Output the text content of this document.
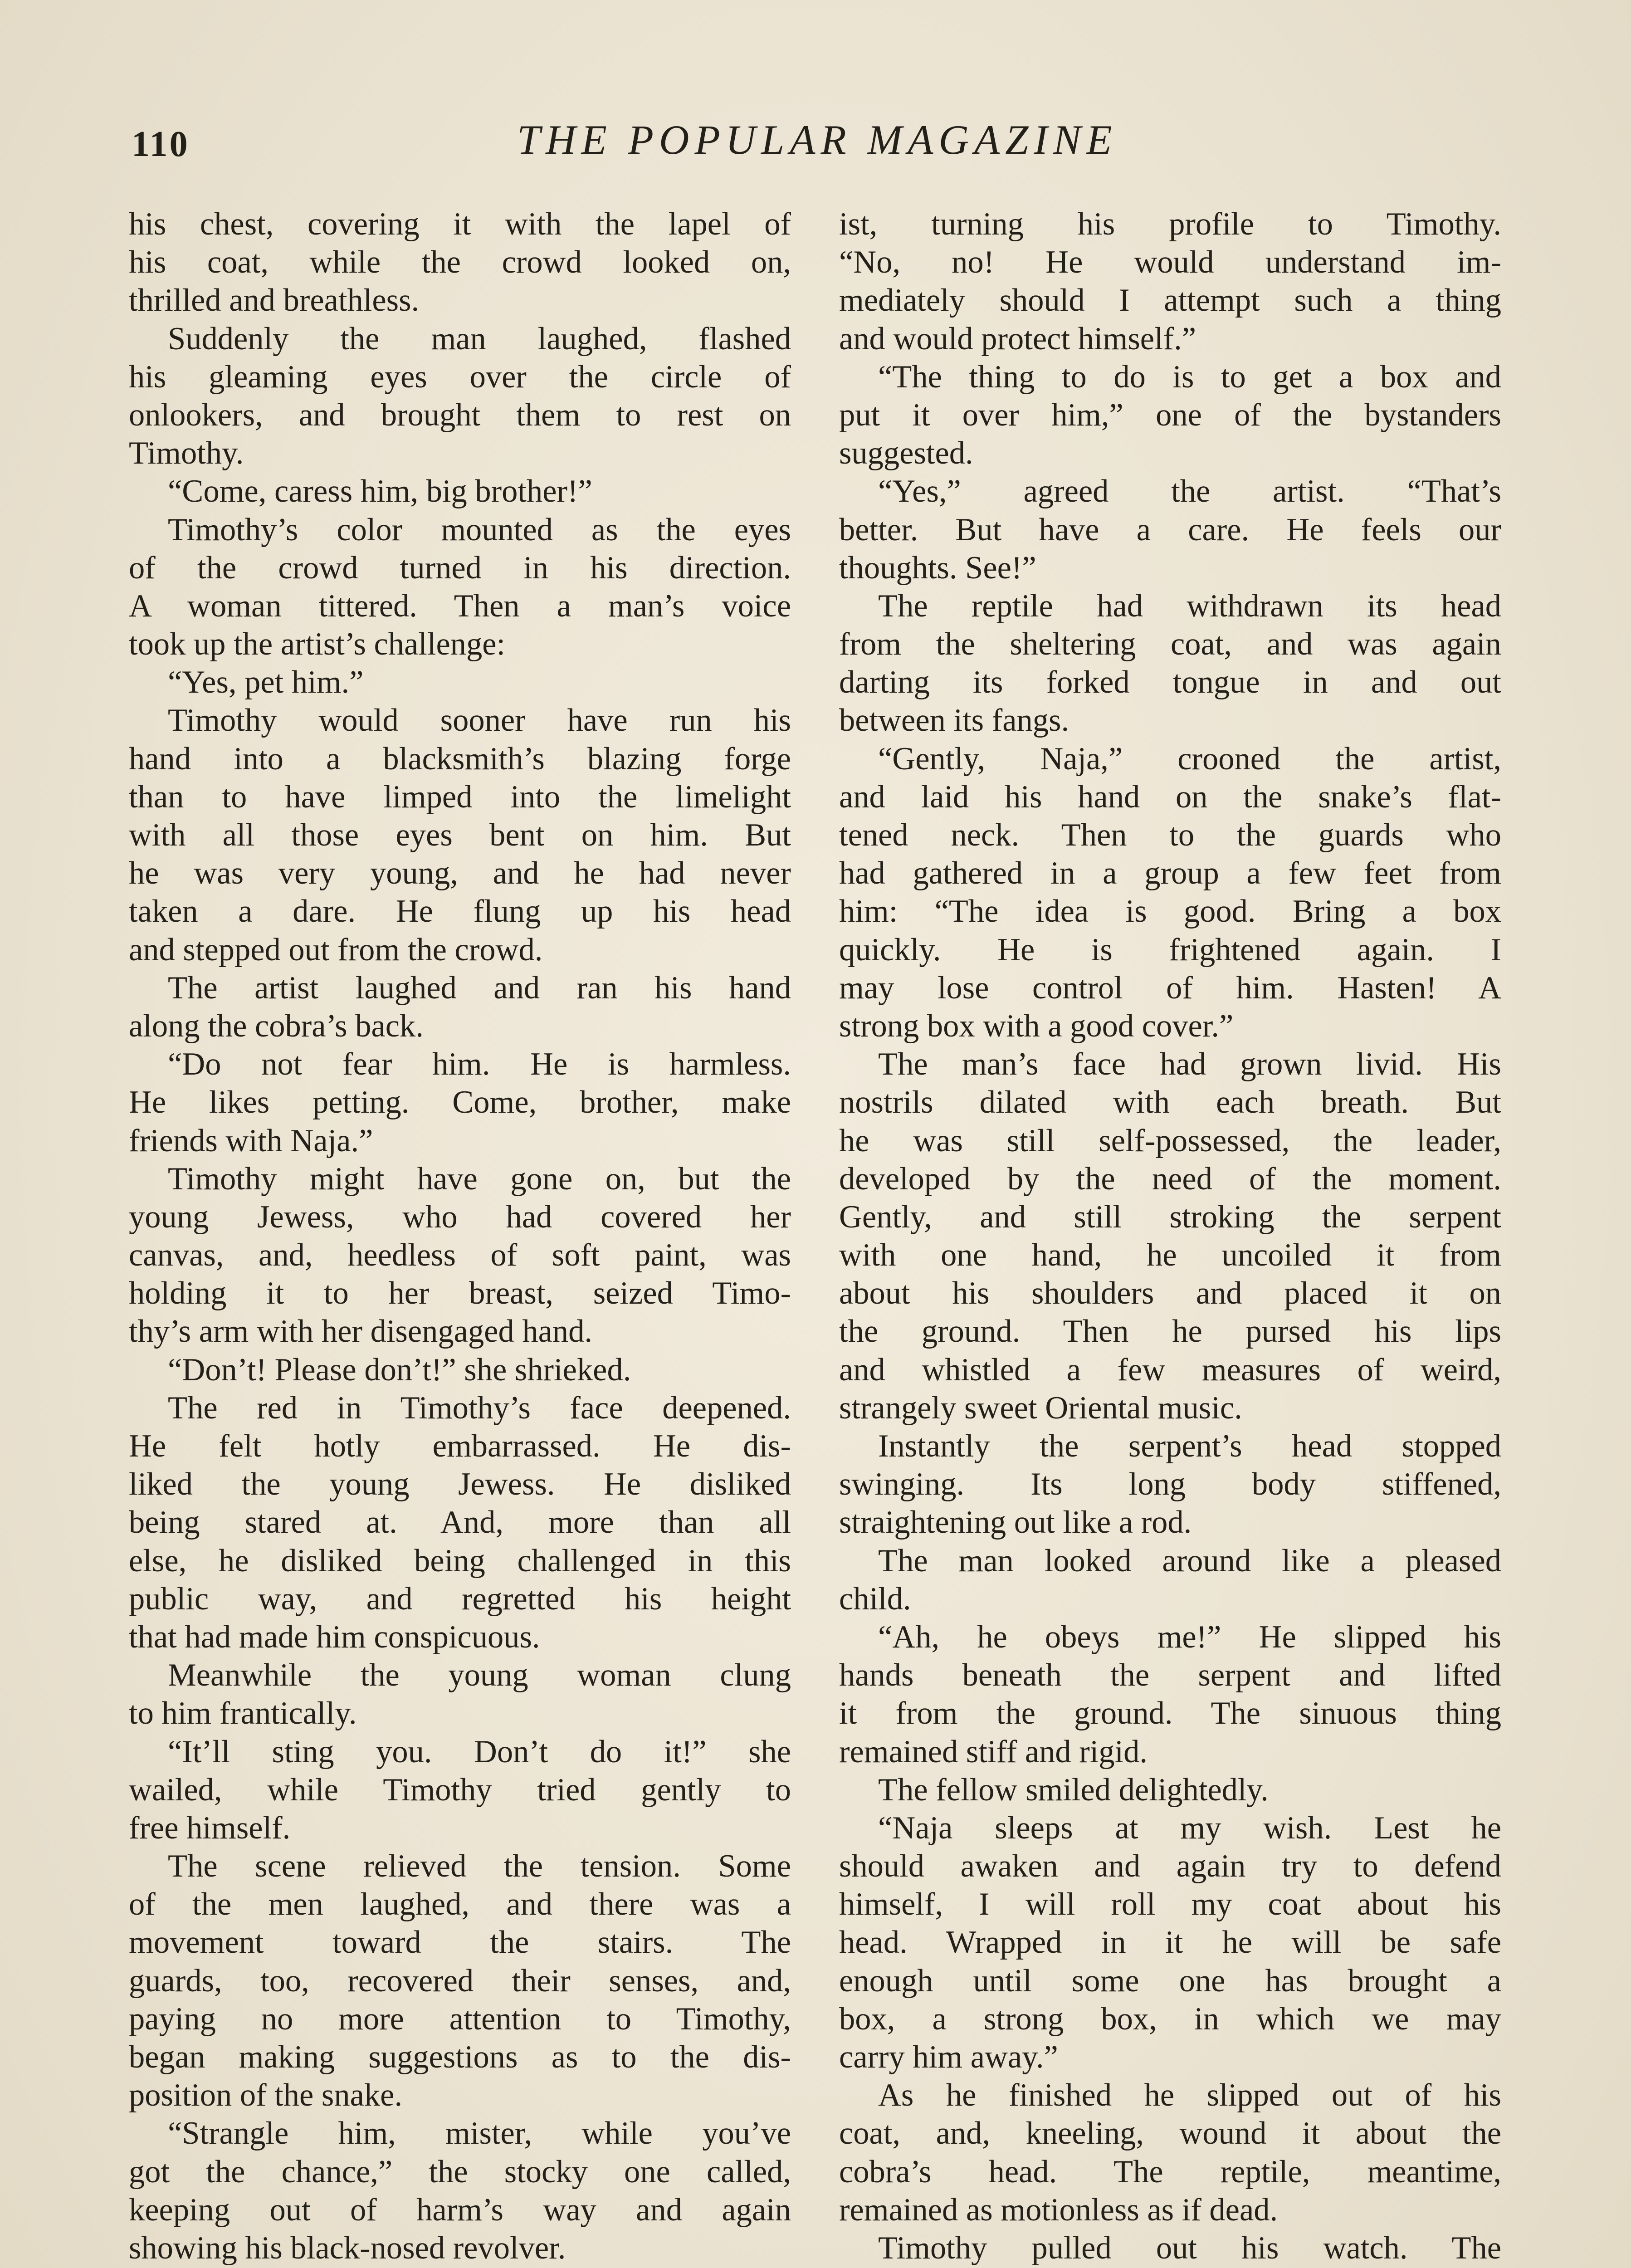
110	THE POPULAR MAGAZINE
his chest, covering it with the lapel of
his coat, while the crowd looked on,
thrilled and breathless.
Suddenly the man laughed, flashed
his gleaming eyes over the circle of
onlookers, and brought them to rest on
Timothy.
“Come, caress him, big brother!”
Timothy’s color mounted as the eyes
of the crowd turned in his direction.
A woman tittered. Then a man’s voice
took up the artist’s challenge:
“Yes, pet him.”
Timothy would sooner have run his
hand into a blacksmith’s blazing forge
than to have limped into the limelight
with all those eyes bent on him. But
he was very young, and he had never
taken a dare. He flung up his head
and stepped out from the crowd.
The artist laughed and ran his hand
along the cobra’s back.
“Do not fear him. He is harmless.
He likes petting. Come, brother, make
friends with Naja.”
Timothy might have gone on, but the
young Jewess, who had covered her
canvas, and, heedless of soft paint, was
holding it to her breast, seized Timo-
thy’s arm with her disengaged hand.
“Don’t! Please don’t!” she shrieked.
The red in Timothy’s face deepened.
He felt hotly embarrassed. He dis-
liked the young Jewess. He disliked
being stared at. And, more than all
else, he disliked being challenged in this
public way, and regretted his height
that had made him conspicuous.
Meanwhile the young woman clung
to him frantically.
“It’ll sting you. Don’t do it!” she
wailed, while Timothy tried gently to
free himself.
The scene relieved the tension. Some
of the men laughed, and there was a
movement toward the stairs. The
guards, too, recovered their senses, and,
paying no more attention to Timothy,
began making suggestions as to the dis-
position of the snake.
“Strangle him, mister, while you’ve
got the chance,” the stocky one called,
keeping out of harm’s way and again
showing his black-nosed revolver.
ist, turning his profile to Timothy.
“No, no! He would understand im-
mediately should I attempt such a thing
and would protect himself.”
“The thing to do is to get a box and
put it over him,” one of the bystanders
suggested.
“Yes,” agreed the artist. “That’s
better. But have a care. He feels our
thoughts. See!”
The reptile had withdrawn its head
from the sheltering coat, and was again
darting its forked tongue in and out
between its fangs.
“Gently, Naja,” crooned the artist,
and laid his hand on the snake’s flat-
tened neck. Then to the guards who
had gathered in a group a few feet from
him: “The idea is good. Bring a box
quickly. He is frightened again. I
may lose control of him. Hasten! A
strong box with a good cover.”
The man’s face had grown livid. His
nostrils dilated with each breath. But
he was still self-possessed, the leader,
developed by the need of the moment.
Gently, and still stroking the serpent
with one hand, he uncoiled it from
about his shoulders and placed it on
the ground. Then he pursed his lips
and whistled a few measures of weird,
strangely sweet Oriental music.
Instantly the serpent’s head stopped
swinging. Its long body stiffened,
straightening out like a rod.
The man looked around like a pleased
child.
“Ah, he obeys me!” He slipped his
hands beneath the serpent and lifted
it from the ground. The sinuous thing
remained stiff and rigid.
The fellow smiled delightedly.
“Naja sleeps at my wish. Lest he
should awaken and again try to defend
himself, I will roll my coat about his
head. Wrapped in it he will be safe
enough until some one has brought a
box, a strong box, in which we may
carry him away.”
As he finished he slipped out of his
coat, and, kneeling, wound it about the
cobra’s head. The reptile, meantime,
remained as motionless as if dead.
Timothy pulled out his watch. The
